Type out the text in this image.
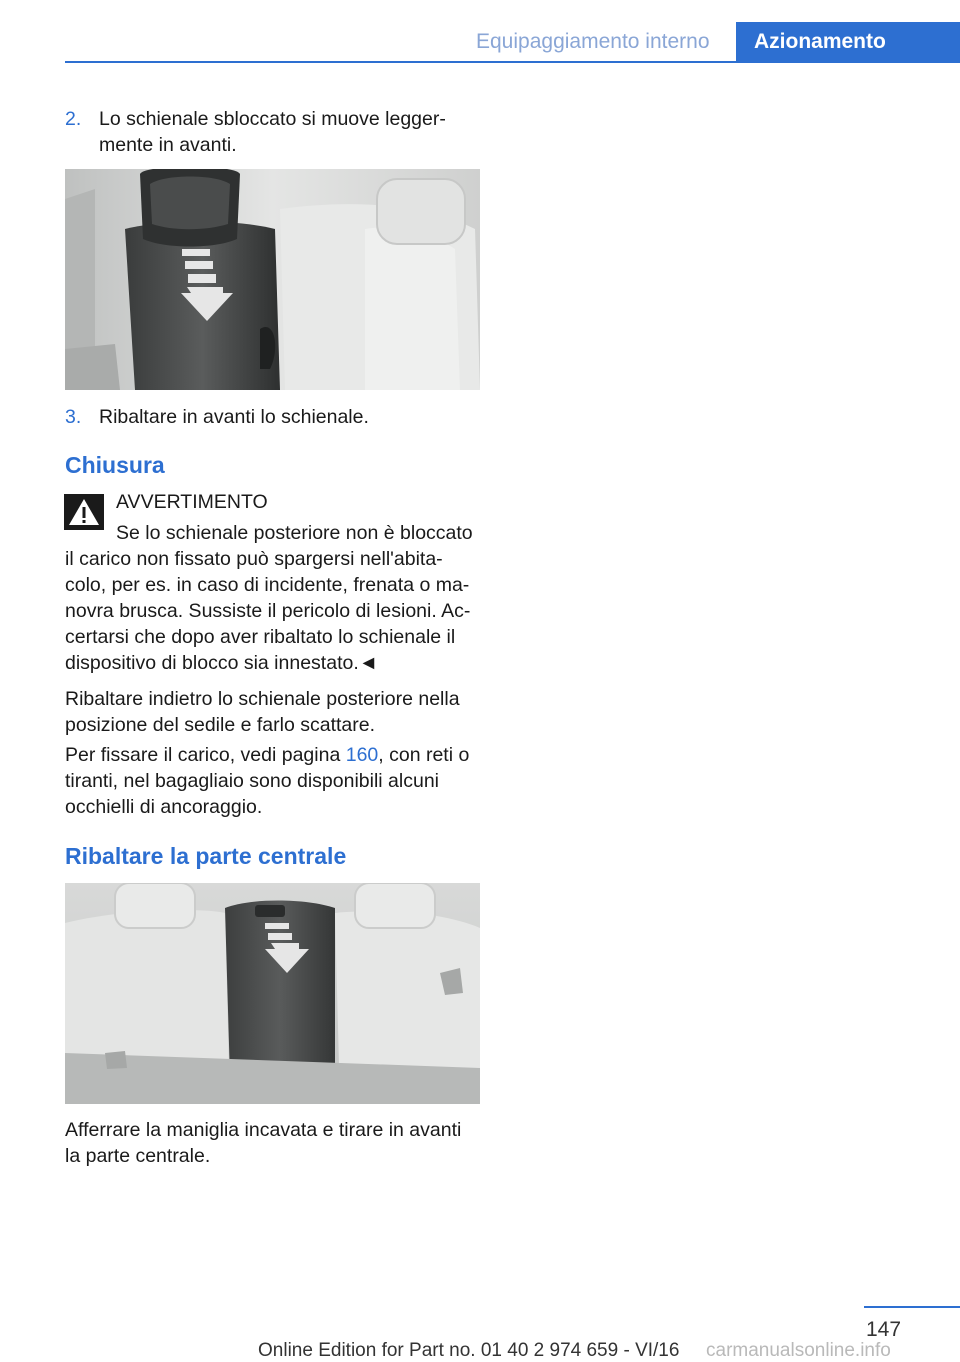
Equipaggiamento interno	Azionamento
2. Lo schienale sbloccato si muove legger-
mente in avanti.
3. Ribaltare in avanti lo schienale.
Chiusura
AVVERTIMENTO
Se lo schienale posteriore non è bloccato
il carico non fissato può spargersi nell'abita-
colo, per es. in caso di incidente, frenata o ma-
novra brusca. Sussiste il pericolo di lesioni. Ac-
certarsi che dopo aver ribaltato lo schienale il
dispositivo di blocco sia innestato.◄
Ribaltare indietro lo schienale posteriore nella
posizione del sedile e farlo scattare.
Per fissare il carico, vedi pagina 160, con reti o
tiranti, nel bagagliaio sono disponibili alcuni
occhielli di ancoraggio.
Ribaltare la parte centrale
Afferrare la maniglia incavata e tirare in avanti
la parte centrale.
147
Online Edition for Part no. 01 40 2 974 659 - VI/16 carmanualsonline.info
